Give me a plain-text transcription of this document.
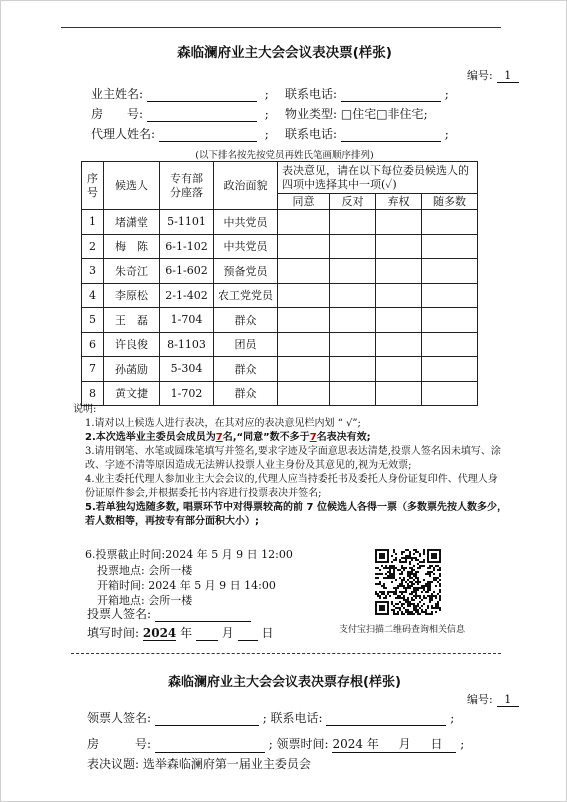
森临澜府业主大会会议表决票(样张)
编号: 1
业主姓名:	; 联系电话:	;
房　　号:	; 物业类型: □住宅□非住宅;
代理人姓名:	; 联系电话:	;
(以下排名按先按党员再姓氏笔画顺序排列)
序号	候选人	专有部分座落	政治面貌	表决意见，请在以下每位委员候选人的四项中选择其中一项(✓)			
				同意	反对	弃权	随多数
1	堵潇堂	5-1101	中共党员				
2	梅　陈	6-1-102	中共党员				
3	朱奇江	6-1-602	预备党员				
4	李原松	2-1-402	农工党党员				
5	王　磊	1-704	群众				
6	许良俊	8-1103	团员				
7	孙菡励	5-304	群众				
8	黄文捷	1-702	群众				
说明:
1.请对以上候选人进行表决，在其对应的表决意见栏内划 “ √”;
2.本次选举业主委员会成员为7名,“同意”数不多于7名表决有效;
3.请用钢笔、水笔或圆珠笔填写并签名,要求字迹及字面意思表达清楚,投票人签名因未填写、涂改、字迹不清等原因造成无法辨认投票人业主身份及其意见的,视为无效票;
4.业主委托代理人参加业主大会会议的,代理人应当持委托书及委托人身份证复印件、代理人身份证原件参会,并根据委托书内容进行投票表决并签名;
5.若单独勾选随多数, 唱票环节中对得票较高的前 7 位候选人各得一票（多数票先按人数多少，若人数相等，再按专有部分面积大小）;
6.投票截止时间:2024 年 5 月 9 日 12:00
投票地点: 会所一楼
开箱时间: 2024 年 5 月 9 日 14:00
开箱地点: 会所一楼
投票人签名:
填写时间: 2024 年 月 日	支付宝扫描二维码查询相关信息
森临澜府业主大会会议表决票存根(样张)
编号: 1
领票人签名:	; 联系电话:	;
房　　　号:	; 领票时间: 2024 年 月 日 ;
表决议题: 选举森临澜府第一届业主委员会
